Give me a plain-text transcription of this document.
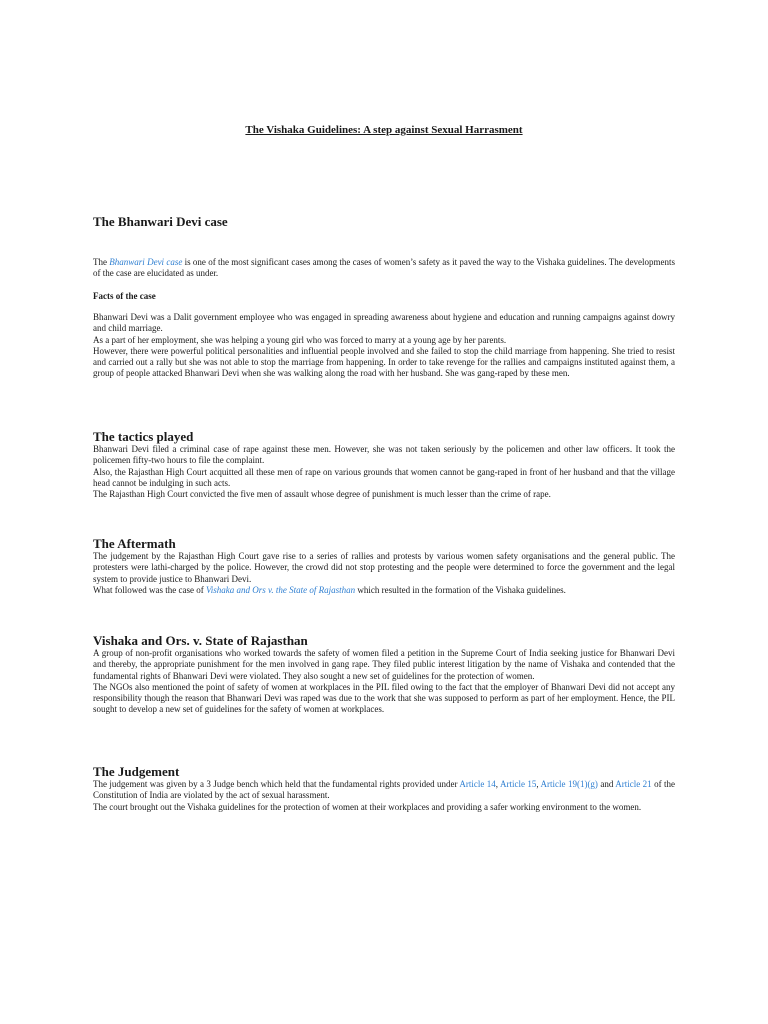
The Vishaka Guidelines: A step against Sexual Harrasment
The Bhanwari Devi case

The Bhanwari Devi case is one of the most significant cases among the cases of women’s safety as it paved the way to the Vishaka guidelines. The developments of the case are elucidated as under.

Facts of the case

Bhanwari Devi was a Dalit government employee who was engaged in spreading awareness about hygiene and education and running campaigns against dowry and child marriage.

As a part of her employment, she was helping a young girl who was forced to marry at a young age by her parents.

However, there were powerful political personalities and influential people involved and she failed to stop the child marriage from happening. She tried to resist and carried out a rally but she was not able to stop the marriage from happening. In order to take revenge for the rallies and campaigns instituted against them, a group of people attacked Bhanwari Devi when she was walking along the road with her husband. She was gang-raped by these men.

The tactics played

Bhanwari Devi filed a criminal case of rape against these men. However, she was not taken seriously by the policemen and other law officers. It took the policemen fifty-two hours to file the complaint.

Also, the Rajasthan High Court acquitted all these men of rape on various grounds that women cannot be gang-raped in front of her husband and that the village head cannot be indulging in such acts.

The Rajasthan High Court convicted the five men of assault whose degree of punishment is much lesser than the crime of rape.

The Aftermath

The judgement by the Rajasthan High Court gave rise to a series of rallies and protests by various women safety organisations and the general public. The protesters were lathi-charged by the police. However, the crowd did not stop protesting and the people were determined to force the government and the legal system to provide justice to Bhanwari Devi.

What followed was the case of Vishaka and Ors v. the State of Rajasthan which resulted in the formation of the Vishaka guidelines.

Vishaka and Ors. v. State of Rajasthan

A group of non-profit organisations who worked towards the safety of women filed a petition in the Supreme Court of India seeking justice for Bhanwari Devi and thereby, the appropriate punishment for the men involved in gang rape. They filed public interest litigation by the name of Vishaka and contended that the fundamental rights of Bhanwari Devi were violated. They also sought a new set of guidelines for the protection of women.

The NGOs also mentioned the point of safety of women at workplaces in the PIL filed owing to the fact that the employer of Bhanwari Devi did not accept any responsibility though the reason that Bhanwari Devi was raped was due to the work that she was supposed to perform as part of her employment. Hence, the PIL sought to develop a new set of guidelines for the safety of women at workplaces.

The Judgement

The judgement was given by a 3 Judge bench which held that the fundamental rights provided under Article 14, Article 15, Article 19(1)(g) and Article 21 of the Constitution of India are violated by the act of sexual harassment.

The court brought out the Vishaka guidelines for the protection of women at their workplaces and providing a safer working environment to the women.
